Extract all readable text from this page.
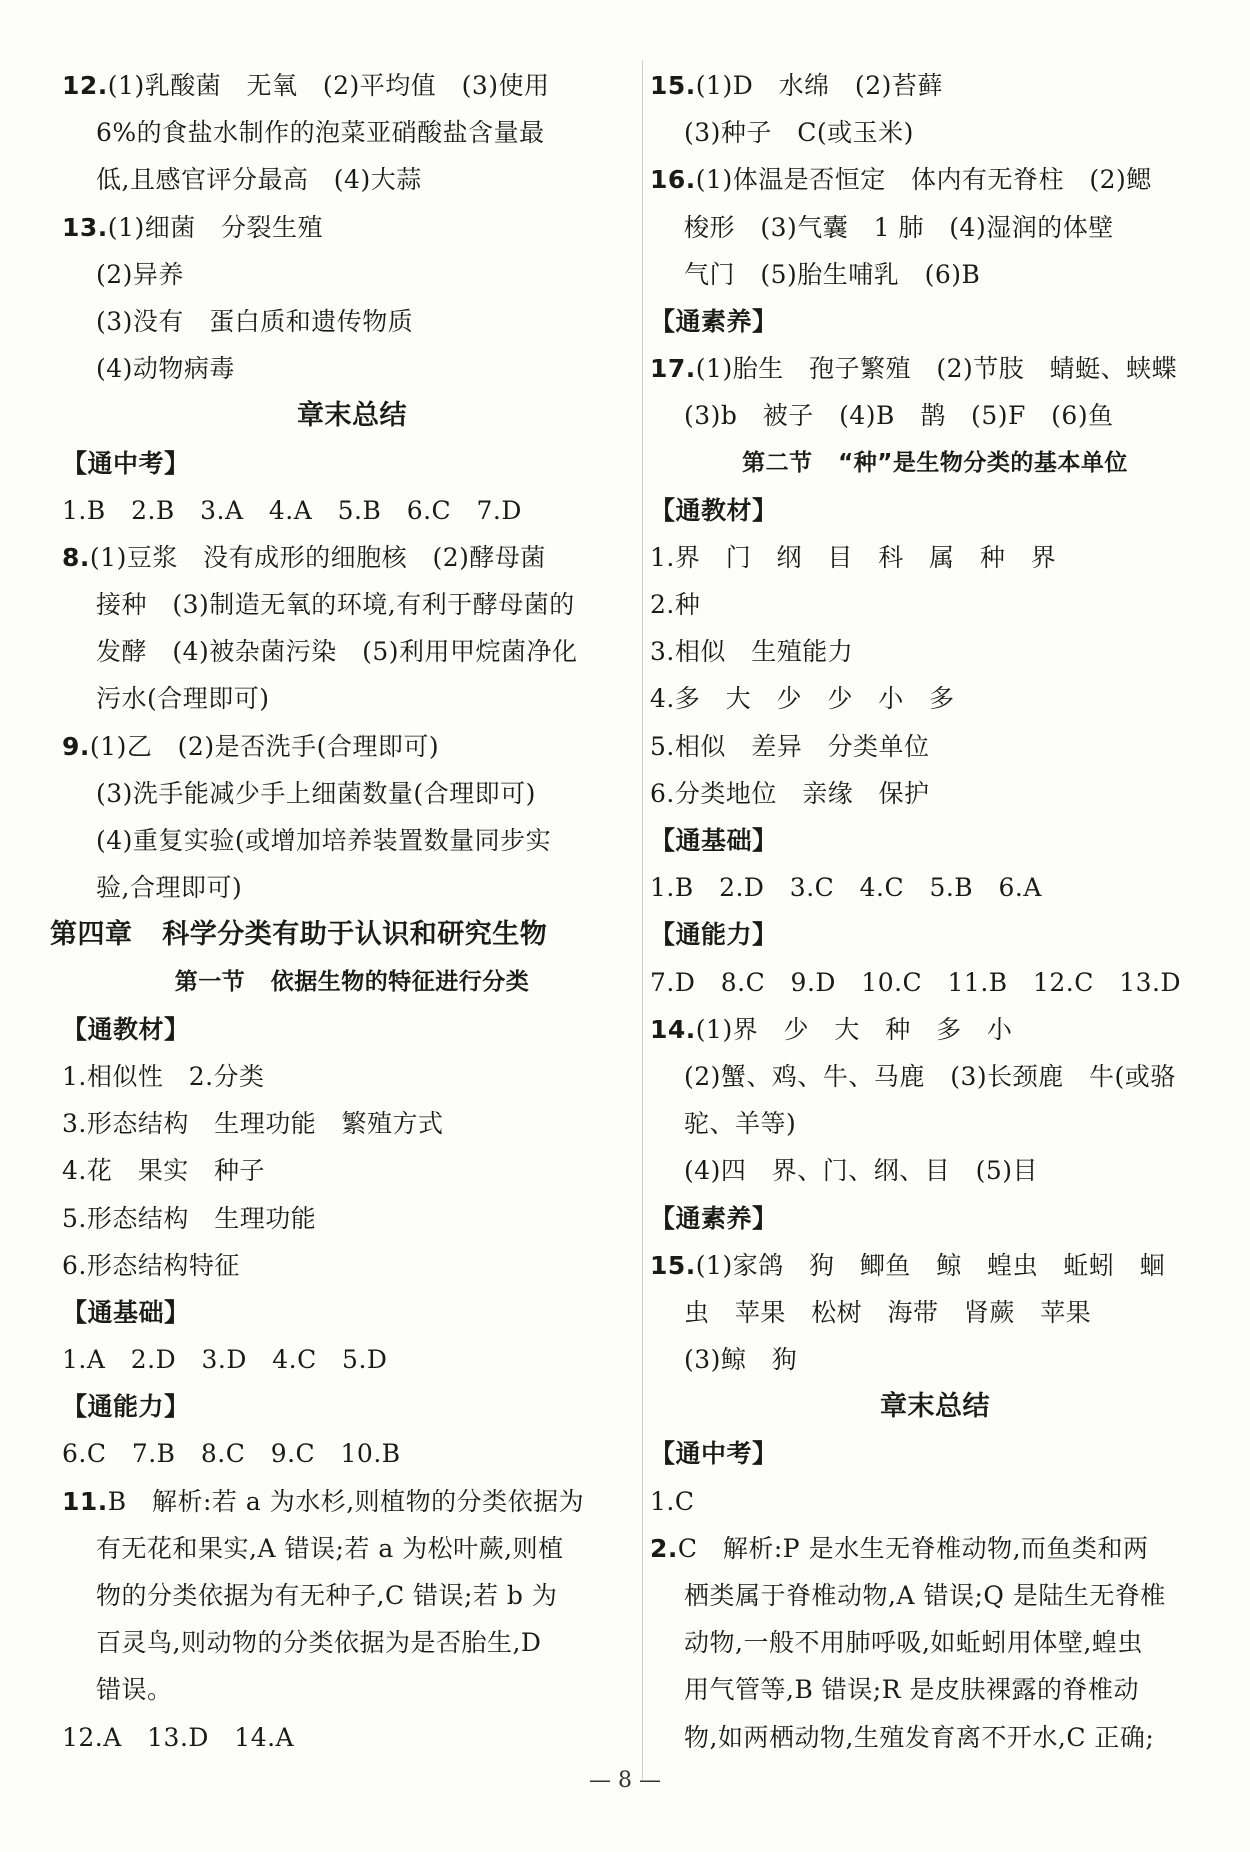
12.(1)乳酸菌   无氧   (2)平均值   (3)使用
6%的食盐水制作的泡菜亚硝酸盐含量最
低,且感官评分最高   (4)大蒜
13.(1)细菌   分裂生殖
(2)异养
(3)没有   蛋白质和遗传物质
(4)动物病毒
章末总结
【通中考】
1.B   2.B   3.A   4.A   5.B   6.C   7.D
8.(1)豆浆   没有成形的细胞核   (2)酵母菌
接种   (3)制造无氧的环境,有利于酵母菌的
发酵   (4)被杂菌污染   (5)利用甲烷菌净化
污水(合理即可)
9.(1)乙   (2)是否洗手(合理即可)
(3)洗手能减少手上细菌数量(合理即可)
(4)重复实验(或增加培养装置数量同步实
验,合理即可)
第四章   科学分类有助于认识和研究生物
第一节   依据生物的特征进行分类
【通教材】
1.相似性   2.分类
3.形态结构   生理功能   繁殖方式
4.花   果实   种子
5.形态结构   生理功能
6.形态结构特征
【通基础】
1.A   2.D   3.D   4.C   5.D
【通能力】
6.C   7.B   8.C   9.C   10.B
11.B   解析:若 a 为水杉,则植物的分类依据为
有无花和果实,A 错误;若 a 为松叶蕨,则植
物的分类依据为有无种子,C 错误;若 b 为
百灵鸟,则动物的分类依据为是否胎生,D
错误。
12.A   13.D   14.A
15.(1)D   水绵   (2)苔藓
(3)种子   C(或玉米)
16.(1)体温是否恒定   体内有无脊柱   (2)鳃
梭形   (3)气囊   1 肺   (4)湿润的体壁
气门   (5)胎生哺乳   (6)B
【通素养】
17.(1)胎生   孢子繁殖   (2)节肢   蜻蜓、蛱蝶
(3)b   被子   (4)B   鹊   (5)F   (6)鱼
第二节   “种”是生物分类的基本单位
【通教材】
1.界   门   纲   目   科   属   种   界
2.种
3.相似   生殖能力
4.多   大   少   少   小   多
5.相似   差异   分类单位
6.分类地位   亲缘   保护
【通基础】
1.B   2.D   3.C   4.C   5.B   6.A
【通能力】
7.D   8.C   9.D   10.C   11.B   12.C   13.D
14.(1)界   少   大   种   多   小
(2)蟹、鸡、牛、马鹿   (3)长颈鹿   牛(或骆
驼、羊等)
(4)四   界、门、纲、目   (5)目
【通素养】
15.(1)家鸽   狗   鲫鱼   鲸   蝗虫   蚯蚓   蛔
虫   苹果   松树   海带   肾蕨   苹果
(3)鲸   狗
章末总结
【通中考】
1.C
2.C   解析:P 是水生无脊椎动物,而鱼类和两
栖类属于脊椎动物,A 错误;Q 是陆生无脊椎
动物,一般不用肺呼吸,如蚯蚓用体壁,蝗虫
用气管等,B 错误;R 是皮肤裸露的脊椎动
物,如两栖动物,生殖发育离不开水,C 正确;
— 8 —
